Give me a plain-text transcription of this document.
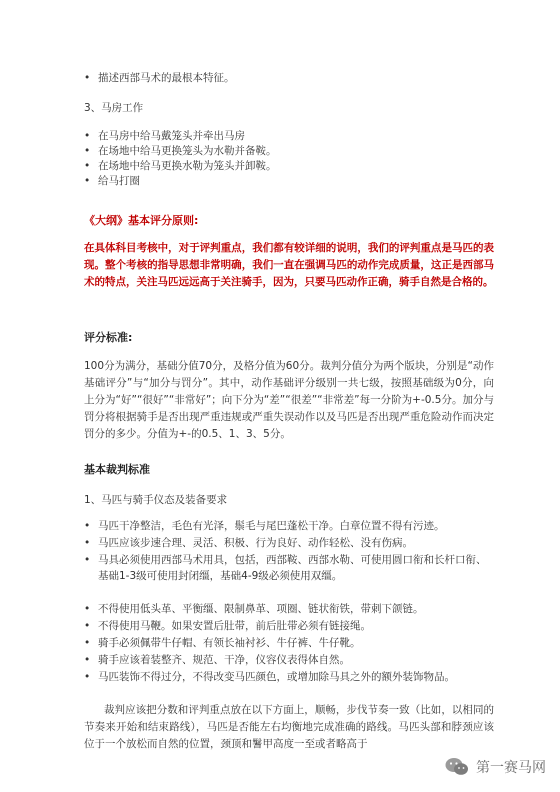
• 描述西部马术的最根本特征。
3、马房工作
• 在马房中给马戴笼头并牵出马房
• 在场地中给马更换笼头为水勒并备鞍。
• 在场地中给马更换水勒为笼头并卸鞍。
• 给马打圈
《大纲》基本评分原则:
在具体科目考核中，对于评判重点，我们都有较详细的说明，我们的评判重点是马匹的表现。整个考核的指导思想非常明确，我们一直在强调马匹的动作完成质量，这正是西部马术的特点，关注马匹远远高于关注骑手，因为，只要马匹动作正确，骑手自然是合格的。
评分标准:
100分为满分，基础分值70分，及格分值为60分。裁判分值分为两个版块，分别是“动作基础评分”与“加分与罚分”。其中，动作基础评分级别一共七级，按照基础级为0分，向上分为“好”“很好”“非常好”；向下分为“差”“很差”“非常差”每一分阶为+-0.5分。加分与罚分将根据骑手是否出现严重违规或严重失误动作以及马匹是否出现严重危险动作而决定罚分的多少。分值为+-的0.5、1、3、5分。
基本裁判标准
1、马匹与骑手仪态及装备要求
• 马匹干净整洁，毛色有光泽，鬃毛与尾巴蓬松干净。白章位置不得有污迹。
• 马匹应该步速合理、灵活、积极、行为良好、动作轻松、没有伤病。
• 马具必须使用西部马术用具，包括，西部鞍、西部水勒、可使用圆口衔和长杆口衔、基础1-3级可使用封闭缰，基础4-9级必须使用双缰。
• 不得使用低头革、平衡缰、限制鼻革、项圈、链状衔铁，带刺下颌链。
• 不得使用马鞭。如果安置后肚带，前后肚带必须有链接绳。
• 骑手必须佩带牛仔帽、有领长袖衬衫、牛仔裤、牛仔靴。
• 骑手应该着装整齐、规范、干净，仪容仪表得体自然。
• 马匹装饰不得过分，不得改变马匹颜色，或增加除马具之外的额外装饰物品。
裁判应该把分数和评判重点放在以下方面上，顺畅，步伐节奏一致（比如，以相同的节奏来开始和结束路线），马匹是否能左右均衡地完成准确的路线。马匹头部和脖颈应该位于一个放松而自然的位置，颈顶和鬐甲高度一至或者略高于
第一赛马网
